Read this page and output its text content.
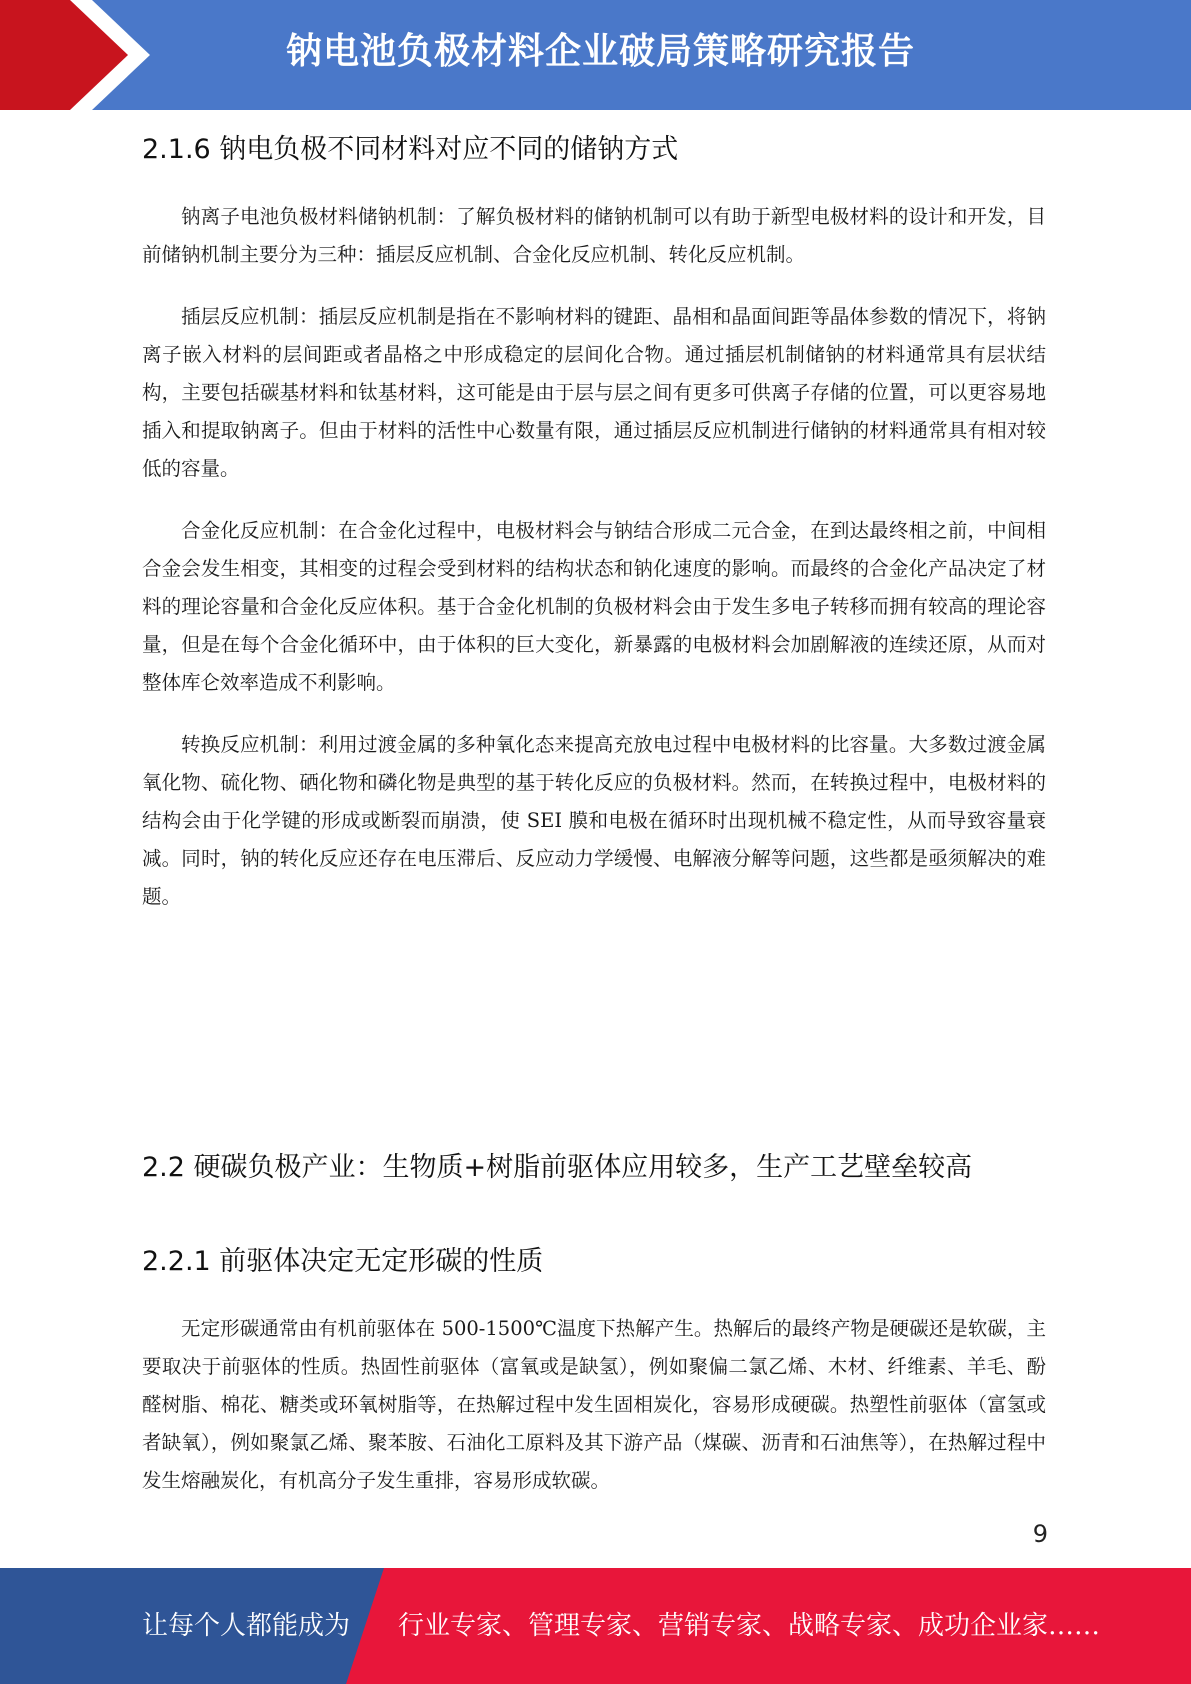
钠电池负极材料企业破局策略研究报告
2.1.6 钠电负极不同材料对应不同的储钠方式

钠离子电池负极材料储钠机制：了解负极材料的储钠机制可以有助于新型电极材料的设计和开发，目前储钠机制主要分为三种：插层反应机制、合金化反应机制、转化反应机制。

插层反应机制：插层反应机制是指在不影响材料的键距、晶相和晶面间距等晶体参数的情况下，将钠离子嵌入材料的层间距或者晶格之中形成稳定的层间化合物。通过插层机制储钠的材料通常具有层状结构，主要包括碳基材料和钛基材料，这可能是由于层与层之间有更多可供离子存储的位置，可以更容易地插入和提取钠离子。但由于材料的活性中心数量有限，通过插层反应机制进行储钠的材料通常具有相对较低的容量。

合金化反应机制：在合金化过程中，电极材料会与钠结合形成二元合金，在到达最终相之前，中间相合金会发生相变，其相变的过程会受到材料的结构状态和钠化速度的影响。而最终的合金化产品决定了材料的理论容量和合金化反应体积。基于合金化机制的负极材料会由于发生多电子转移而拥有较高的理论容量，但是在每个合金化循环中，由于体积的巨大变化，新暴露的电极材料会加剧解液的连续还原，从而对整体库仑效率造成不利影响。

转换反应机制：利用过渡金属的多种氧化态来提高充放电过程中电极材料的比容量。大多数过渡金属氧化物、硫化物、硒化物和磷化物是典型的基于转化反应的负极材料。然而，在转换过程中，电极材料的结构会由于化学键的形成或断裂而崩溃，使 SEI 膜和电极在循环时出现机械不稳定性，从而导致容量衰减。同时，钠的转化反应还存在电压滞后、反应动力学缓慢、电解液分解等问题，这些都是亟须解决的难题。

2.2 硬碳负极产业：生物质+树脂前驱体应用较多，生产工艺壁垒较高
2.2.1 前驱体决定无定形碳的性质

无定形碳通常由有机前驱体在 500-1500℃温度下热解产生。热解后的最终产物是硬碳还是软碳，主要取决于前驱体的性质。热固性前驱体（富氧或是缺氢），例如聚偏二氯乙烯、木材、纤维素、羊毛、酚醛树脂、棉花、糖类或环氧树脂等，在热解过程中发生固相炭化，容易形成硬碳。热塑性前驱体（富氢或者缺氧），例如聚氯乙烯、聚苯胺、石油化工原料及其下游产品（煤碳、沥青和石油焦等），在热解过程中发生熔融炭化，有机高分子发生重排，容易形成软碳。

9
让每个人都能成为 行业专家、管理专家、营销专家、战略专家、成功企业家……
